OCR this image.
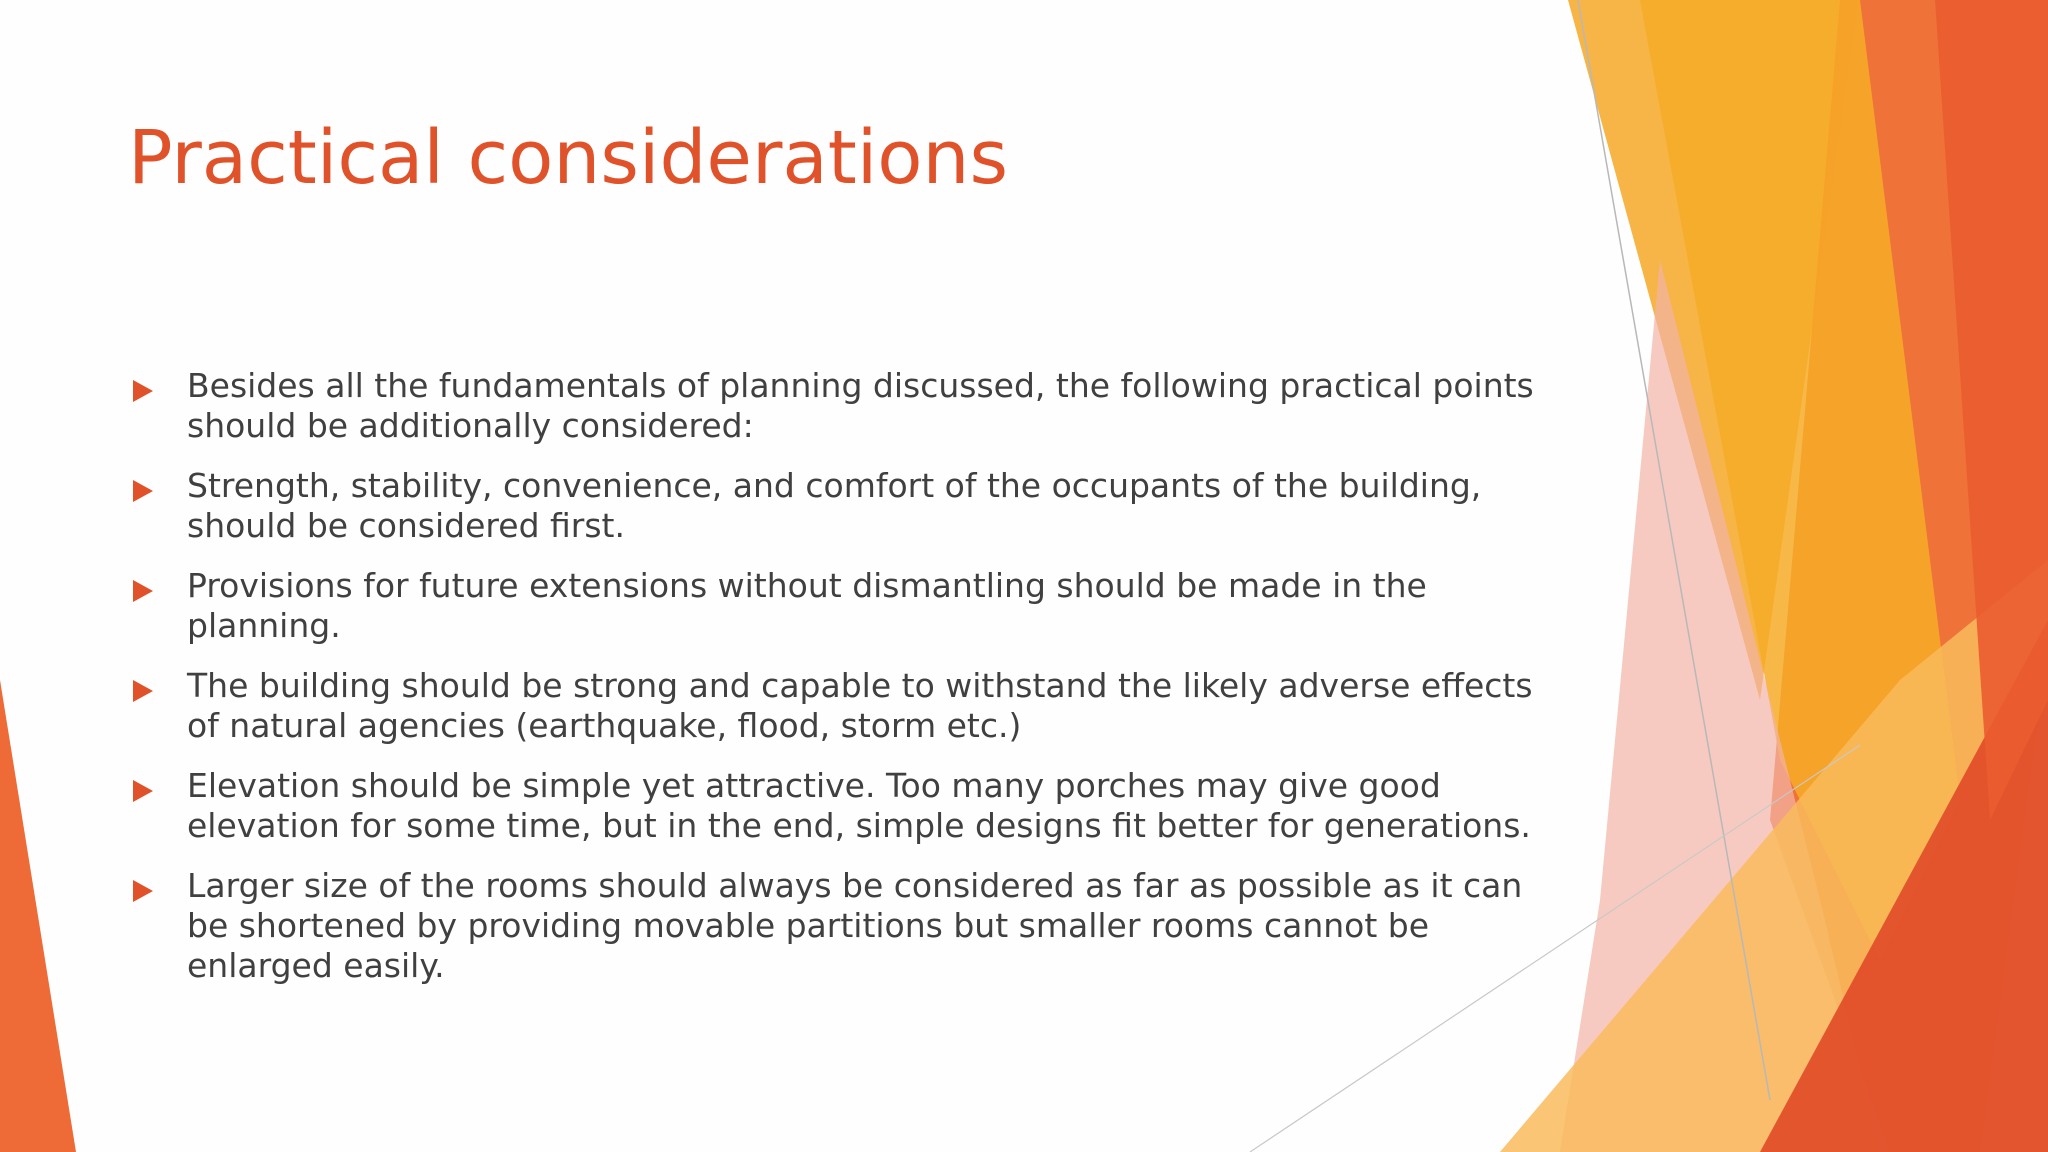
Practical considerations
Besides all the fundamentals of planning discussed, the following practical points should be additionally considered:
Strength, stability, convenience, and comfort of the occupants of the building, should be considered first.
Provisions for future extensions without dismantling should be made in the planning.
The building should be strong and capable to withstand the likely adverse effects of natural agencies (earthquake, flood, storm etc.)
Elevation should be simple yet attractive. Too many porches may give good elevation for some time, but in the end, simple designs fit better for generations.
Larger size of the rooms should always be considered as far as possible as it can be shortened by providing movable partitions but smaller rooms cannot be enlarged easily.
